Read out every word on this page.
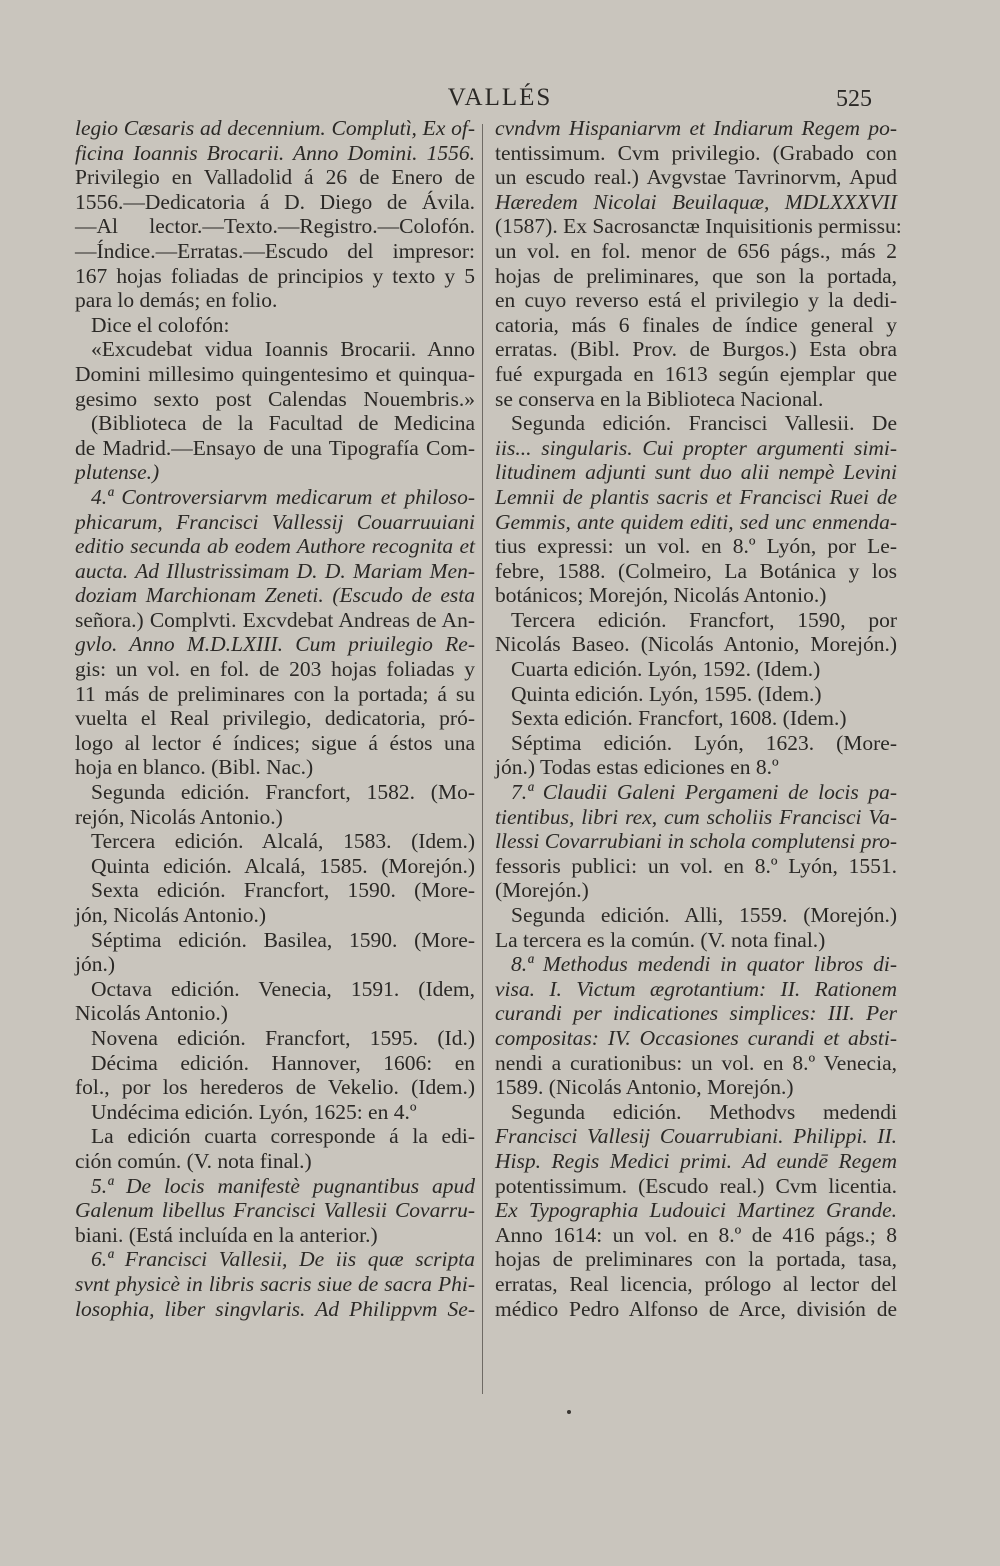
VALLÉS	525
legio Cæsaris ad decennium. Complutì, Ex of-
ficina Ioannis Brocarii. Anno Domini. 1556.
Privilegio en Valladolid á 26 de Enero de
1556.—Dedicatoria á D. Diego de Ávila.
—Al lector.—Texto.—Registro.—Colofón.
—Índice.—Erratas.—Escudo del impresor:
167 hojas foliadas de principios y texto y 5
para lo demás; en folio.
Dice el colofón:
«Excudebat vidua Ioannis Brocarii. Anno
Domini millesimo quingentesimo et quinqua-
gesimo sexto post Calendas Nouembris.»
(Biblioteca de la Facultad de Medicina
de Madrid.—Ensayo de una Tipografía Com-
plutense.)
4.ª Controversiarvm medicarum et philoso-
phicarum, Francisci Vallessij Couarruuiani
editio secunda ab eodem Authore recognita et
aucta. Ad Illustrissimam D. D. Mariam Men-
doziam Marchionam Zeneti. (Escudo de esta
señora.) Complvti. Excvdebat Andreas de An-
gvlo. Anno M.D.LXIII. Cum priuilegio Re-
gis: un vol. en fol. de 203 hojas foliadas y
11 más de preliminares con la portada; á su
vuelta el Real privilegio, dedicatoria, pró-
logo al lector é índices; sigue á éstos una
hoja en blanco. (Bibl. Nac.)
Segunda edición. Francfort, 1582. (Mo-
rejón, Nicolás Antonio.)
Tercera edición. Alcalá, 1583. (Idem.)
Quinta edición. Alcalá, 1585. (Morejón.)
Sexta edición. Francfort, 1590. (More-
jón, Nicolás Antonio.)
Séptima edición. Basilea, 1590. (More-
jón.)
Octava edición. Venecia, 1591. (Idem,
Nicolás Antonio.)
Novena edición. Francfort, 1595. (Id.)
Décima edición. Hannover, 1606: en
fol., por los herederos de Vekelio. (Idem.)
Undécima edición. Lyón, 1625: en 4.º
La edición cuarta corresponde á la edi-
ción común. (V. nota final.)
5.ª De locis manifestè pugnantibus apud
Galenum libellus Francisci Vallesii Covarru-
biani. (Está incluída en la anterior.)
6.ª Francisci Vallesii, De iis quæ scripta
svnt physicè in libris sacris siue de sacra Phi-
losophia, liber singvlaris. Ad Philippvm Se-
cvndvm Hispaniarvm et Indiarum Regem po-
tentissimum. Cvm privilegio. (Grabado con
un escudo real.) Avgvstae Tavrinorvm, Apud
Hæredem Nicolai Beuilaquæ, MDLXXXVII
(1587). Ex Sacrosanctæ Inquisitionis permissu:
un vol. en fol. menor de 656 págs., más 2
hojas de preliminares, que son la portada,
en cuyo reverso está el privilegio y la dedi-
catoria, más 6 finales de índice general y
erratas. (Bibl. Prov. de Burgos.) Esta obra
fué expurgada en 1613 según ejemplar que
se conserva en la Biblioteca Nacional.
Segunda edición. Francisci Vallesii. De
iis... singularis. Cui propter argumenti simi-
litudinem adjunti sunt duo alii nempè Levini
Lemnii de plantis sacris et Francisci Ruei de
Gemmis, ante quidem editi, sed unc enmenda-
tius expressi: un vol. en 8.º Lyón, por Le-
febre, 1588. (Colmeiro, La Botánica y los
botánicos; Morejón, Nicolás Antonio.)
Tercera edición. Francfort, 1590, por
Nicolás Baseo. (Nicolás Antonio, Morejón.)
Cuarta edición. Lyón, 1592. (Idem.)
Quinta edición. Lyón, 1595. (Idem.)
Sexta edición. Francfort, 1608. (Idem.)
Séptima edición. Lyón, 1623. (More-
jón.) Todas estas ediciones en 8.º
7.ª Claudii Galeni Pergameni de locis pa-
tientibus, libri rex, cum scholiis Francisci Va-
llessi Covarrubiani in schola complutensi pro-
fessoris publici: un vol. en 8.º Lyón, 1551.
(Morejón.)
Segunda edición. Alli, 1559. (Morejón.)
La tercera es la común. (V. nota final.)
8.ª Methodus medendi in quator libros di-
visa. I. Victum ægrotantium: II. Rationem
curandi per indicationes simplices: III. Per
compositas: IV. Occasiones curandi et absti-
nendi a curationibus: un vol. en 8.º Venecia,
1589. (Nicolás Antonio, Morejón.)
Segunda edición. Methodvs medendi
Francisci Vallesij Couarrubiani. Philippi. II.
Hisp. Regis Medici primi. Ad eundē Regem
potentissimum. (Escudo real.) Cvm licentia.
Ex Typographia Ludouici Martinez Grande.
Anno 1614: un vol. en 8.º de 416 págs.; 8
hojas de preliminares con la portada, tasa,
erratas, Real licencia, prólogo al lector del
médico Pedro Alfonso de Arce, división de
